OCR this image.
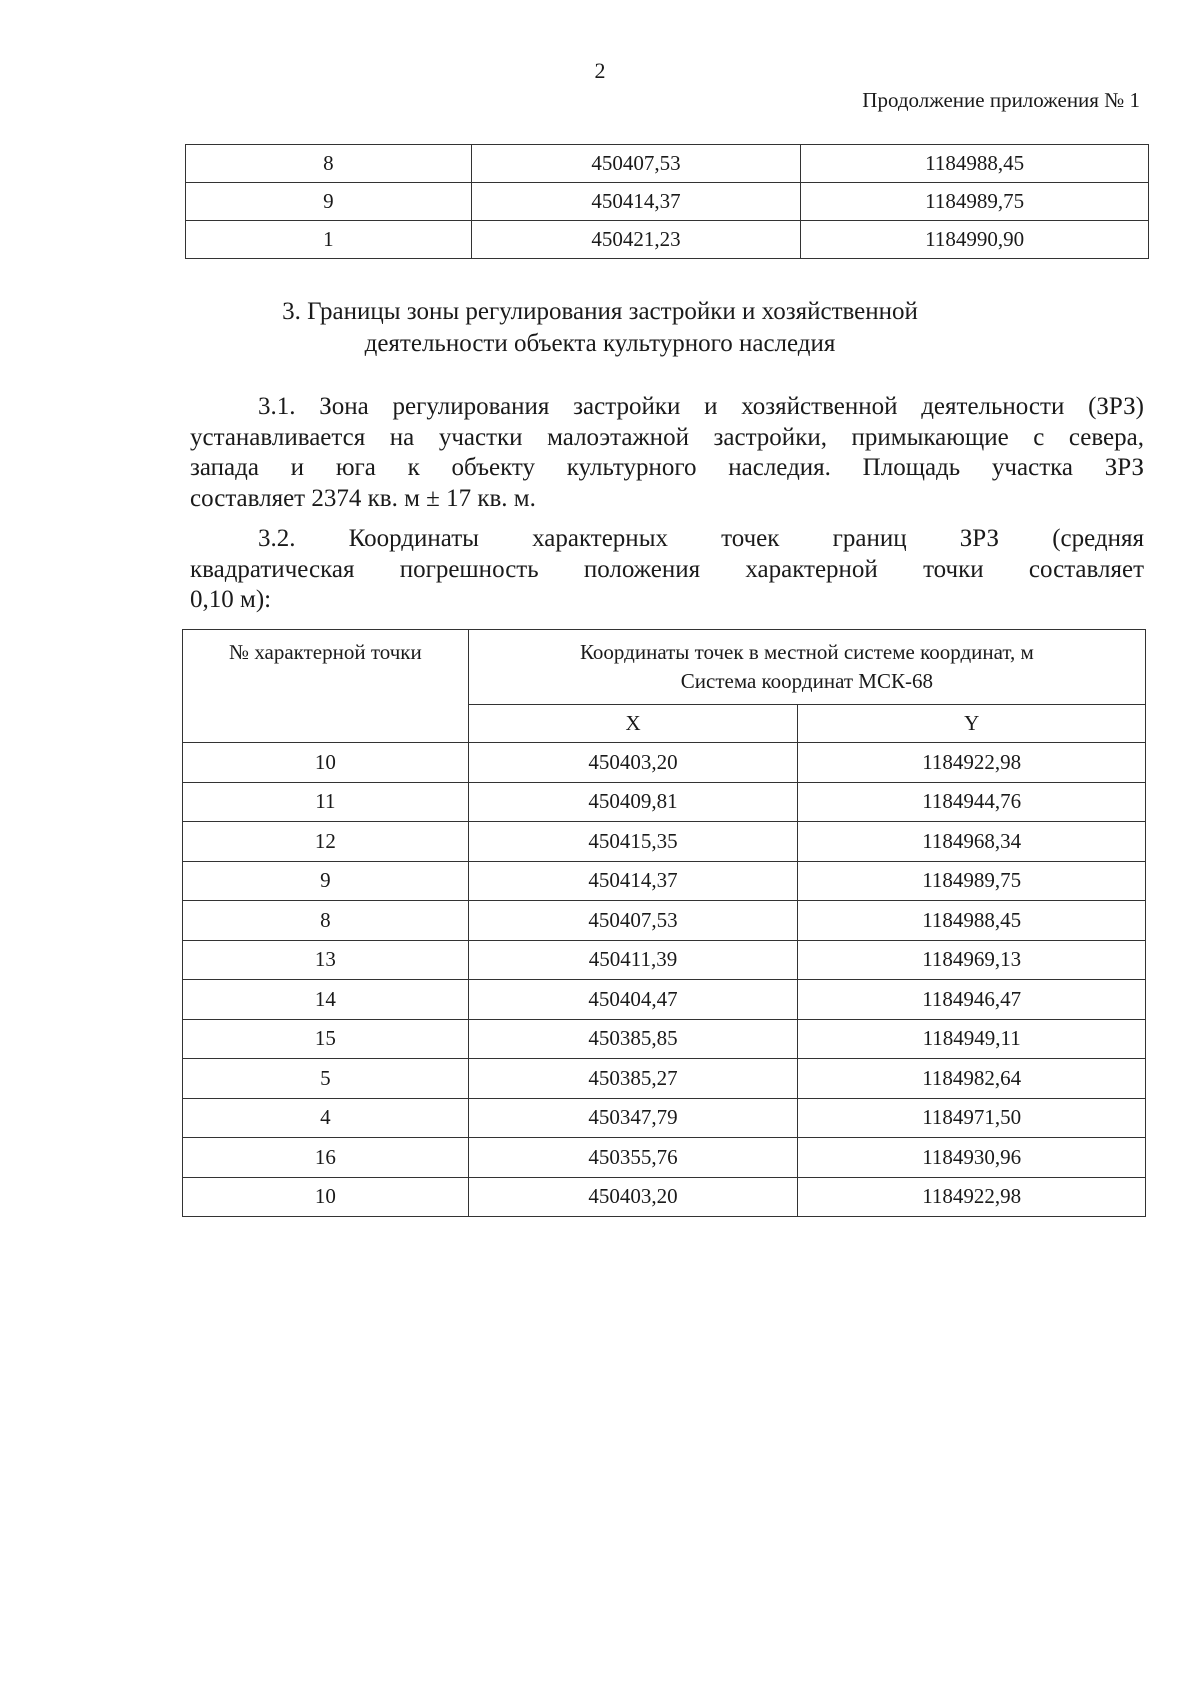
2
Продолжение приложения № 1
8	450407,53	1184988,45
9	450414,37	1184989,75
1	450421,23	1184990,90
3. Границы зоны регулирования застройки и хозяйственной
деятельности объекта культурного наследия
3.1. Зона регулирования застройки и хозяйственной деятельности (ЗРЗ)
устанавливается на участки малоэтажной застройки, примыкающие с севера,
запада и юга к объекту культурного наследия. Площадь участка ЗРЗ
составляет 2374 кв. м ± 17 кв. м.
3.2. Координаты характерных точек границ ЗРЗ (средняя
квадратическая погрешность положения характерной точки составляет
0,10 м):
№ характерной точки	Координаты точек в местной системе координат, м
Система координат МСК-68	

	X	Y
10	450403,20	1184922,98
11	450409,81	1184944,76
12	450415,35	1184968,34
9	450414,37	1184989,75
8	450407,53	1184988,45
13	450411,39	1184969,13
14	450404,47	1184946,47
15	450385,85	1184949,11
5	450385,27	1184982,64
4	450347,79	1184971,50
16	450355,76	1184930,96
10	450403,20	1184922,98
